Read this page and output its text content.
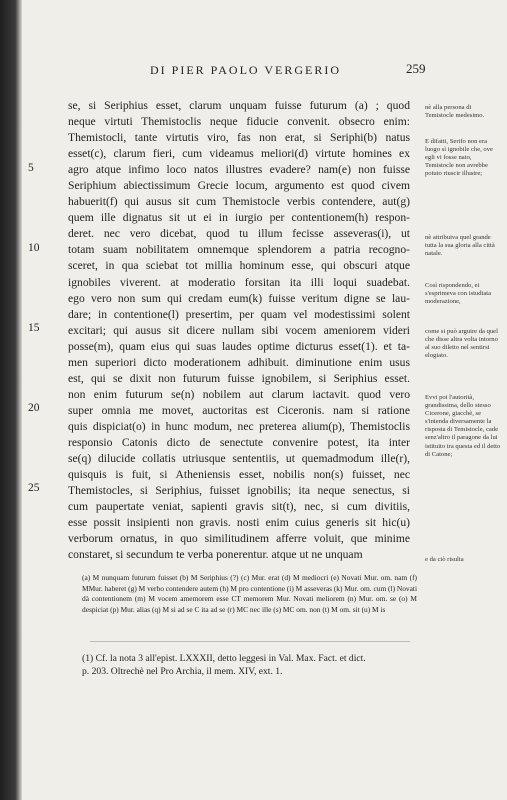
DI PIER PAOLO VERGERIO	259
se, si Seriphius esset, clarum unquam fuisse futurum (a) ; quod
neque virtuti Themistoclis neque fiducie convenit. obsecro enim:
Themistocli, tante virtutis viro, fas non erat, si Seriphi(b) natus
esset(c), clarum fieri, cum videamus meliori(d) virtute homines ex
agro atque infimo loco natos illustres evadere? nam(e) non fuisse
Seriphium abiectissimum Grecie locum, argumento est quod civem
habuerit(f) qui ausus sit cum Themistocle verbis contendere, aut(g)
quem ille dignatus sit ut ei in iurgio per contentionem(h) respon-
deret. nec vero dicebat, quod tu illum fecisse asseveras(i), ut
totam suam nobilitatem omnemque splendorem a patria recogno-
sceret, in qua sciebat tot millia hominum esse, qui obscuri atque
ignobiles viverent. at moderatio forsitan ita illi loqui suadebat.
ego vero non sum qui credam eum(k) fuisse veritum digne se lau-
dare; in contentione(l) presertim, per quam vel modestissimi solent
excitari; qui ausus sit dicere nullam sibi vocem ameniorem videri
posse(m), quam eius qui suas laudes optime dicturus esset(1). et ta-
men superiori dicto moderationem adhibuit. diminutione enim usus
est, qui se dixit non futurum fuisse ignobilem, si Seriphius esset.
non enim futurum se(n) nobilem aut clarum iactavit. quod vero
super omnia me movet, auctoritas est Ciceronis. nam si ratione
quis dispiciat(o) in hunc modum, nec preterea alium(p), Themistoclis
responsio Catonis dicto de senectute convenire potest, ita inter
se(q) dilucide collatis utriusque sententiis, ut quemadmodum ille(r),
quisquis is fuit, si Atheniensis esset, nobilis non(s) fuisset, nec
Themistocles, si Seriphius, fuisset ignobilis; ita neque senectus, si
cum paupertate veniat, sapienti gravis sit(t), nec, si cum divitiis,
esse possit insipienti non gravis. nosti enim cuius generis sit hic(u)
verborum ornatus, in quo similitudinem afferre voluit, que minime
constaret, si secundum te verba ponerentur. atque ut ne unquam
5
10
15
20
25
nè alla persona di Temistocle medesimo.
E difatti, Serifo non era luogo sì ignobile che, ove egli vi fosse nato, Temistocle non avrebbe potuto riuscir illustre;
nè attribuiva quel grande tutta la sua gloria alla città natale.
Così rispondendo, ei s'esprimeva con istudiata moderazione,
come si può arguire da quel che disse altra volta intorno al suo diletto nel sentirsi elogiato.
Evvi poi l'autorità, grandissima, dello stesso Cicerone, giacchè, se s'intenda diversamente la risposta di Temistocle, cade senz'altro il paragone da lui istituito tra questa ed il detto di Catone;
e da ciò risulta
(a) M nunquam futurum fuisset (b) M Seriphius (?) (c) Mur. erat (d) M mediocri (e) Novati Mur. om. nam (f) MMur. haberet (g) M verbo contendere autem (h) M pro contentione (i) M asseveras (k) Mur. om. cum (l) Novati dà contentionem (m) M vocem amemorem esse CT memorem Mur. Novati meliorem (n) Mur. om. se (o) M despiciat (p) Mur. alias (q) M si ad se C ita ad se (r) MC nec ille (s) MC om. non (t) M om. sit (u) M is
(1) Cf. la nota 3 all'epist. LXXXII, detto leggesi in Val. Max. Fact. et dict.
p. 203. Oltrechè nel Pro Archia, il mem. XIV, ext. 1.
